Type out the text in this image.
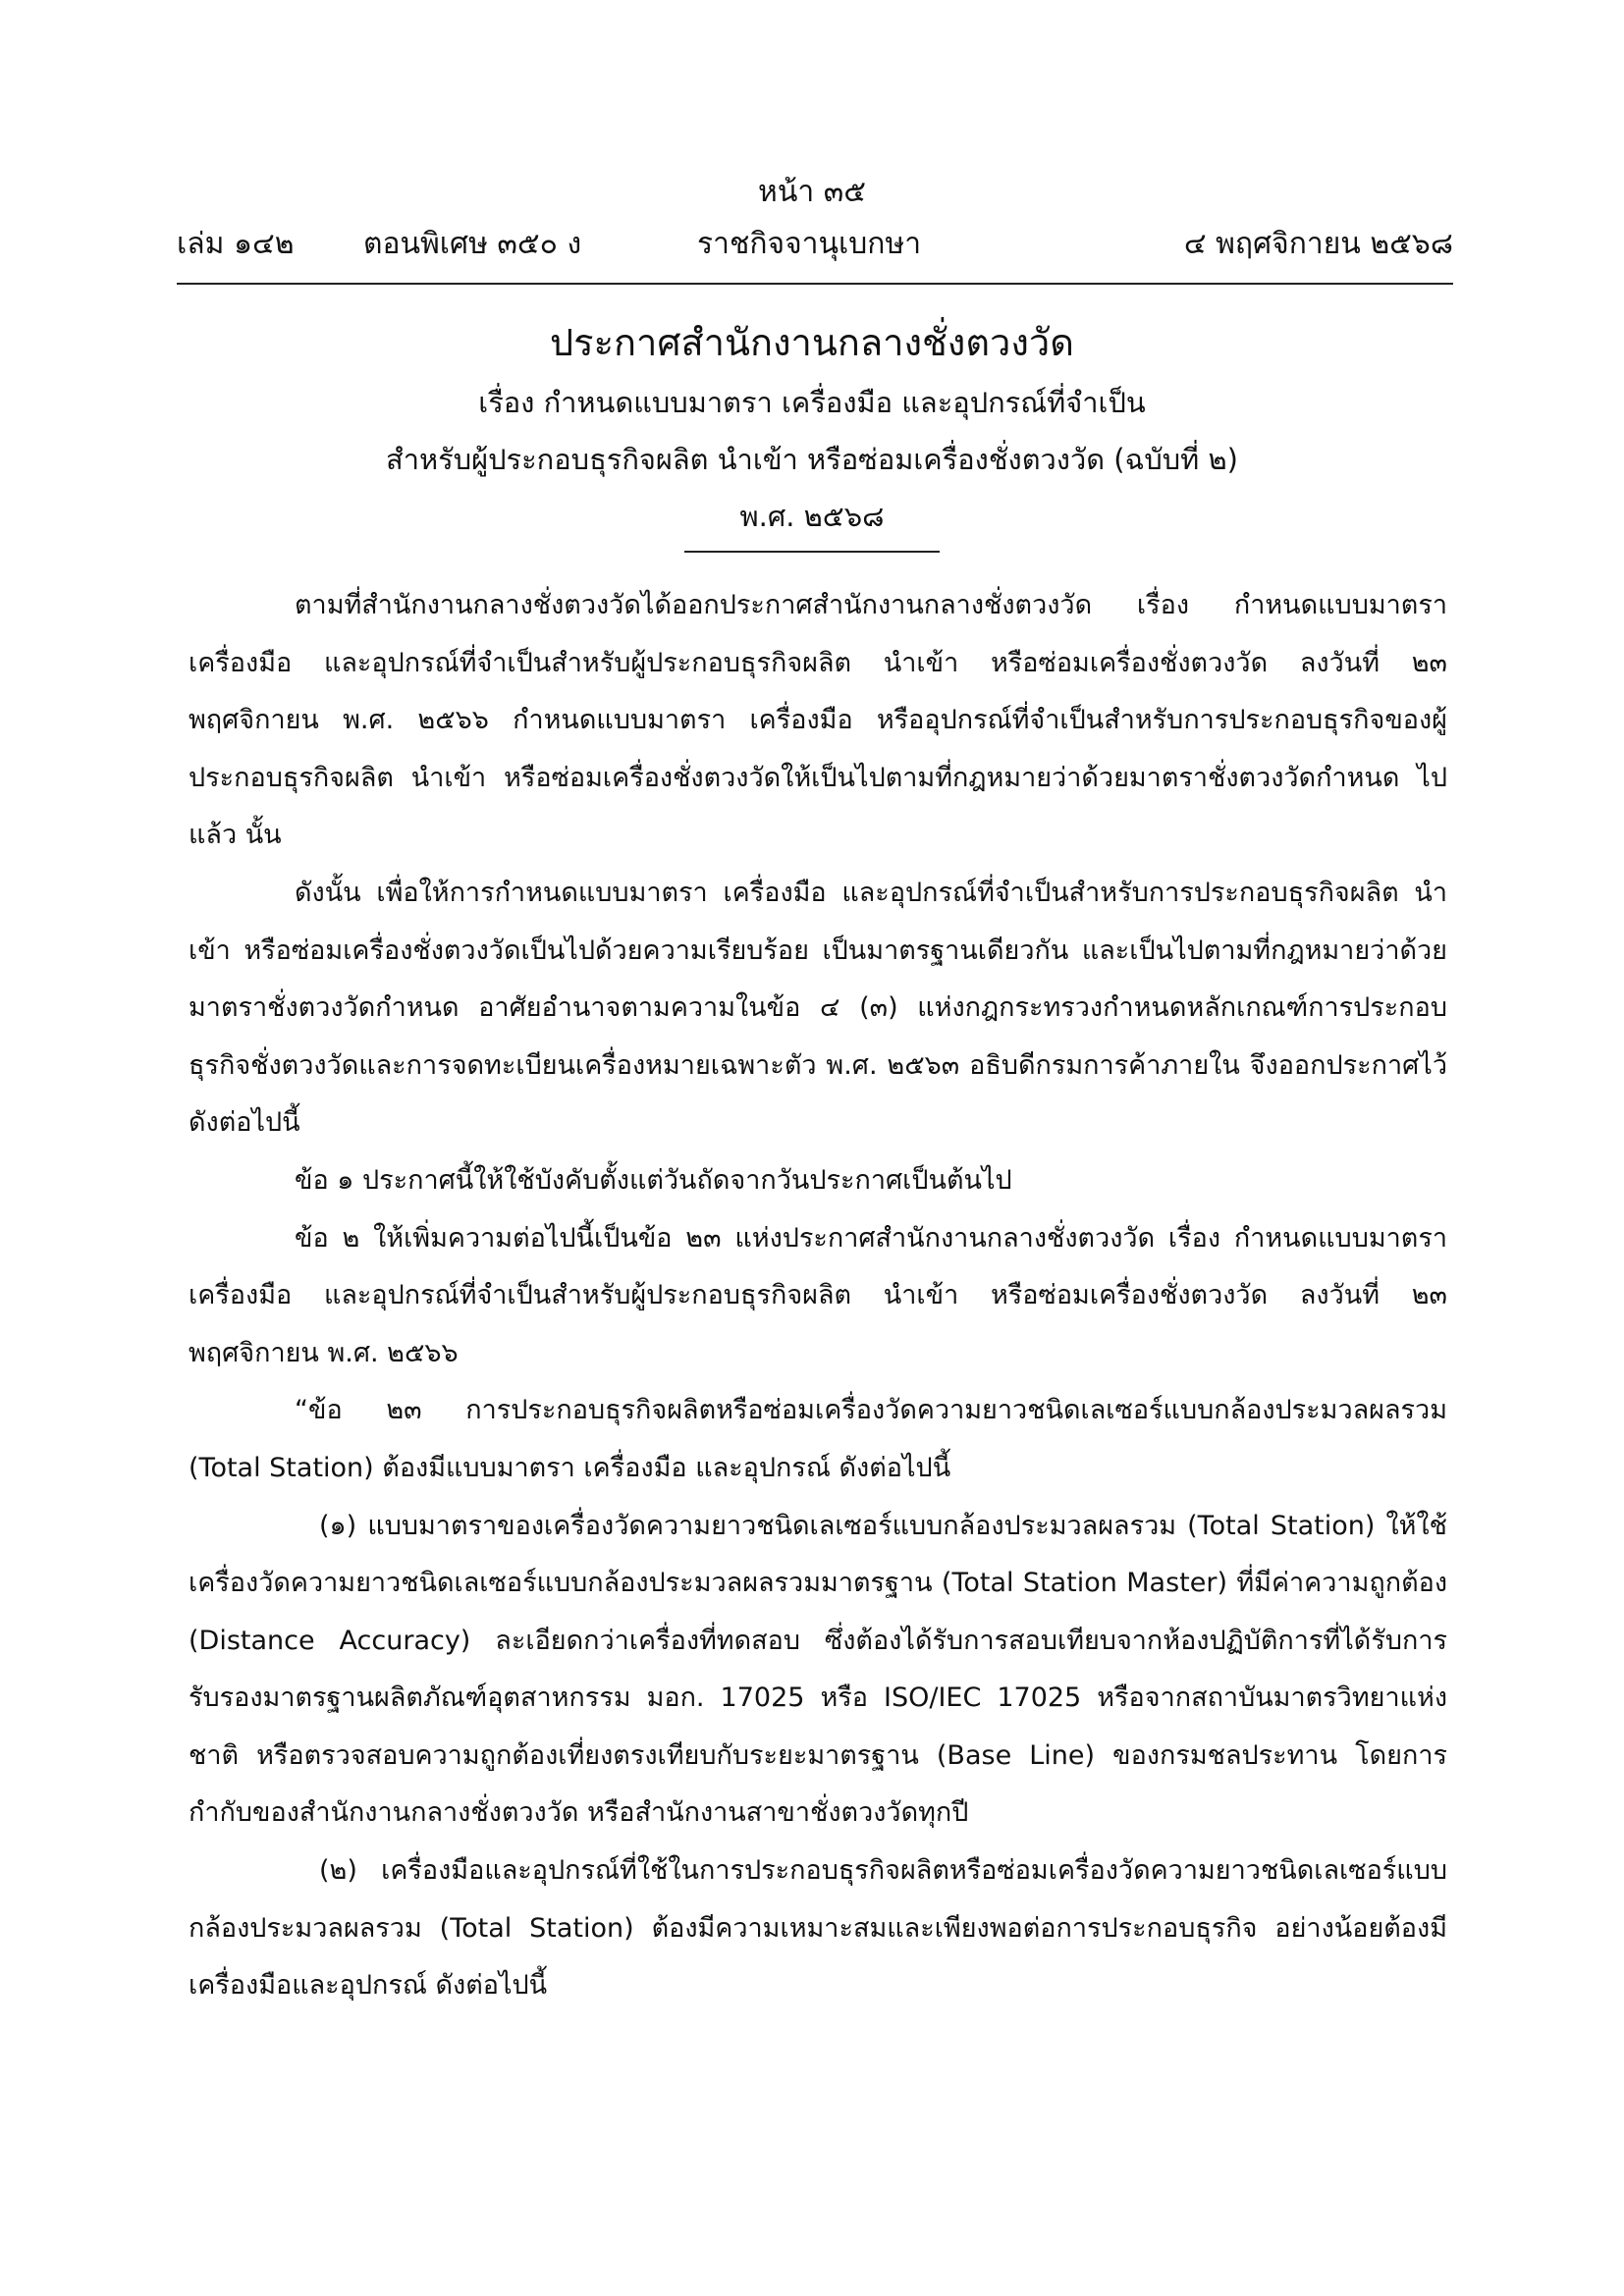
หน้า ๓๕
เล่ม ๑๔๒ ตอนพิเศษ ๓๕๐ ง	ราชกิจจานุเบกษา	๔ พฤศจิกายน ๒๕๖๘
ประกาศสำนักงานกลางชั่งตวงวัด
เรื่อง กำหนดแบบมาตรา เครื่องมือ และอุปกรณ์ที่จำเป็น
สำหรับผู้ประกอบธุรกิจผลิต นำเข้า หรือซ่อมเครื่องชั่งตวงวัด (ฉบับที่ ๒)
พ.ศ. ๒๕๖๘

ตามที่สำนักงานกลางชั่งตวงวัดได้ออกประกาศสำนักงานกลางชั่งตวงวัด เรื่อง กำหนดแบบมาตรา เครื่องมือ และอุปกรณ์ที่จำเป็นสำหรับผู้ประกอบธุรกิจผลิต นำเข้า หรือซ่อมเครื่องชั่งตวงวัด ลงวันที่ ๒๓ พฤศจิกายน พ.ศ. ๒๕๖๖ กำหนดแบบมาตรา เครื่องมือ หรืออุปกรณ์ที่จำเป็นสำหรับการประกอบธุรกิจของผู้ประกอบธุรกิจผลิต นำเข้า หรือซ่อมเครื่องชั่งตวงวัดให้เป็นไปตามที่กฎหมายว่าด้วยมาตราชั่งตวงวัดกำหนด ไปแล้ว นั้น

ดังนั้น เพื่อให้การกำหนดแบบมาตรา เครื่องมือ และอุปกรณ์ที่จำเป็นสำหรับการประกอบธุรกิจผลิต นำเข้า หรือซ่อมเครื่องชั่งตวงวัดเป็นไปด้วยความเรียบร้อย เป็นมาตรฐานเดียวกัน และเป็นไปตามที่กฎหมายว่าด้วยมาตราชั่งตวงวัดกำหนด อาศัยอำนาจตามความในข้อ ๔ (๓) แห่งกฎกระทรวงกำหนดหลักเกณฑ์การประกอบธุรกิจชั่งตวงวัดและการจดทะเบียนเครื่องหมายเฉพาะตัว พ.ศ. ๒๕๖๓ อธิบดีกรมการค้าภายใน จึงออกประกาศไว้ ดังต่อไปนี้

ข้อ ๑ ประกาศนี้ให้ใช้บังคับตั้งแต่วันถัดจากวันประกาศเป็นต้นไป

ข้อ ๒ ให้เพิ่มความต่อไปนี้เป็นข้อ ๒๓ แห่งประกาศสำนักงานกลางชั่งตวงวัด เรื่อง กำหนดแบบมาตรา เครื่องมือ และอุปกรณ์ที่จำเป็นสำหรับผู้ประกอบธุรกิจผลิต นำเข้า หรือซ่อมเครื่องชั่งตวงวัด ลงวันที่ ๒๓ พฤศจิกายน พ.ศ. ๒๕๖๖

“ข้อ ๒๓ การประกอบธุรกิจผลิตหรือซ่อมเครื่องวัดความยาวชนิดเลเซอร์แบบกล้องประมวลผลรวม (Total Station) ต้องมีแบบมาตรา เครื่องมือ และอุปกรณ์ ดังต่อไปนี้

(๑) แบบมาตราของเครื่องวัดความยาวชนิดเลเซอร์แบบกล้องประมวลผลรวม (Total Station) ให้ใช้เครื่องวัดความยาวชนิดเลเซอร์แบบกล้องประมวลผลรวมมาตรฐาน (Total Station Master) ที่มีค่าความถูกต้อง (Distance Accuracy) ละเอียดกว่าเครื่องที่ทดสอบ ซึ่งต้องได้รับการสอบเทียบจากห้องปฏิบัติการที่ได้รับการรับรองมาตรฐานผลิตภัณฑ์อุตสาหกรรม มอก. 17025 หรือ ISO/IEC 17025 หรือจากสถาบันมาตรวิทยาแห่งชาติ หรือตรวจสอบความถูกต้องเที่ยงตรงเทียบกับระยะมาตรฐาน (Base Line) ของกรมชลประทาน โดยการกำกับของสำนักงานกลางชั่งตวงวัด หรือสำนักงานสาขาชั่งตวงวัดทุกปี

(๒) เครื่องมือและอุปกรณ์ที่ใช้ในการประกอบธุรกิจผลิตหรือซ่อมเครื่องวัดความยาวชนิดเลเซอร์แบบกล้องประมวลผลรวม (Total Station) ต้องมีความเหมาะสมและเพียงพอต่อการประกอบธุรกิจ อย่างน้อยต้องมีเครื่องมือและอุปกรณ์ ดังต่อไปนี้
